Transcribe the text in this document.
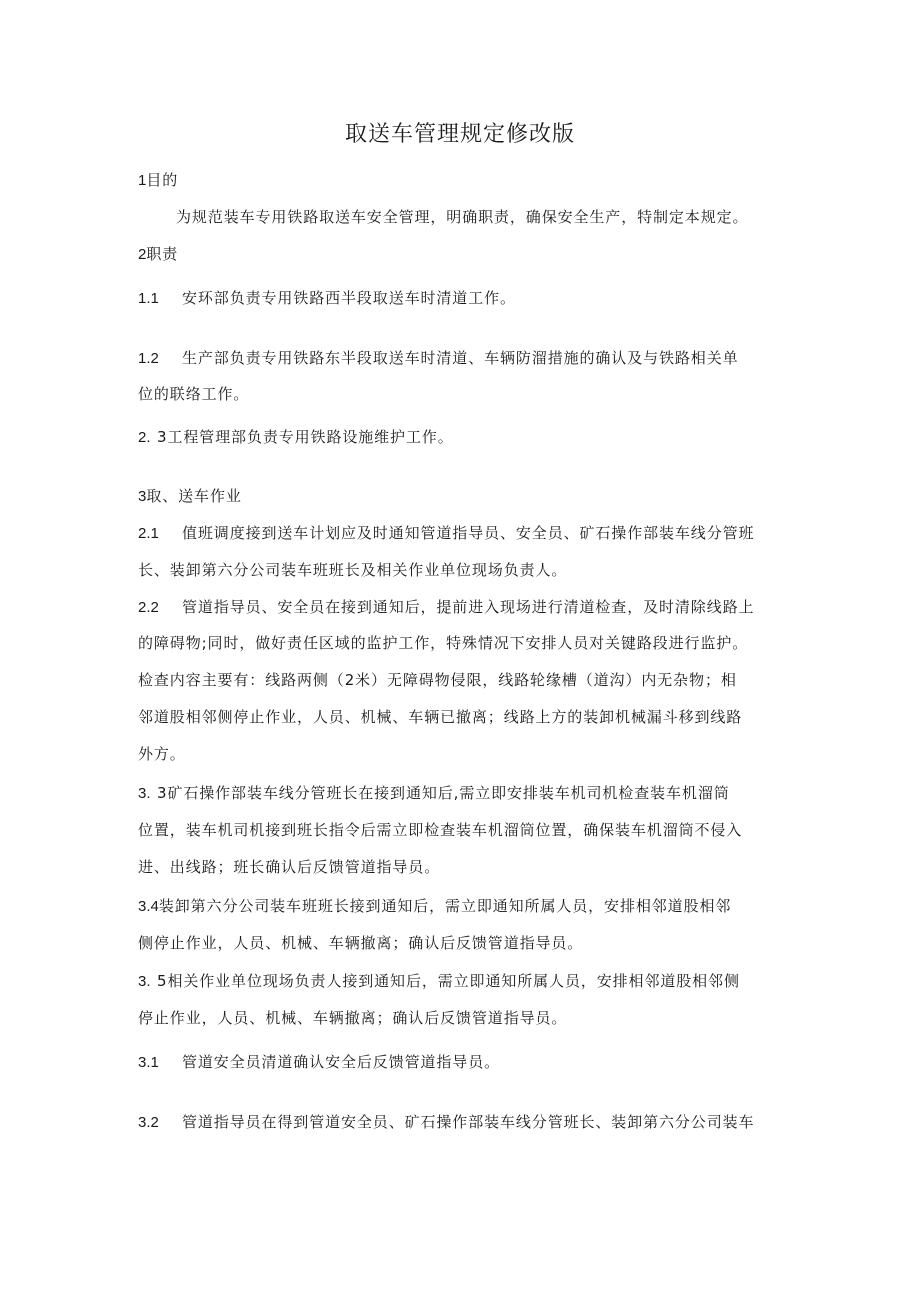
取送车管理规定修改版
1目的
为规范装车专用铁路取送车安全管理，明确职责，确保安全生产，特制定本规定。
2职责
1.1 安环部负责专用铁路西半段取送车时清道工作。
1.2 生产部负责专用铁路东半段取送车时清道、车辆防溜措施的确认及与铁路相关单
位的联络工作。
2. 3工程管理部负责专用铁路设施维护工作。
3取、送车作业
2.1 值班调度接到送车计划应及时通知管道指导员、安全员、矿石操作部装车线分管班
长、装卸第六分公司装车班班长及相关作业单位现场负责人。
2.2 管道指导员、安全员在接到通知后，提前进入现场进行清道检查，及时清除线路上
的障碍物;同时，做好责任区域的监护工作，特殊情况下安排人员对关键路段进行监护。
检查内容主要有：线路两侧（2米）无障碍物侵限，线路轮缘槽（道沟）内无杂物；相
邻道股相邻侧停止作业，人员、机械、车辆已撤离；线路上方的装卸机械漏斗移到线路
外方。
3. 3矿石操作部装车线分管班长在接到通知后,需立即安排装车机司机检查装车机溜筒
位置，装车机司机接到班长指令后需立即检查装车机溜筒位置，确保装车机溜筒不侵入
进、出线路；班长确认后反馈管道指导员。
3.4装卸第六分公司装车班班长接到通知后，需立即通知所属人员，安排相邻道股相邻
侧停止作业，人员、机械、车辆撤离；确认后反馈管道指导员。
3. 5相关作业单位现场负责人接到通知后，需立即通知所属人员，安排相邻道股相邻侧
停止作业，人员、机械、车辆撤离；确认后反馈管道指导员。
3.1 管道安全员清道确认安全后反馈管道指导员。
3.2 管道指导员在得到管道安全员、矿石操作部装车线分管班长、装卸第六分公司装车
